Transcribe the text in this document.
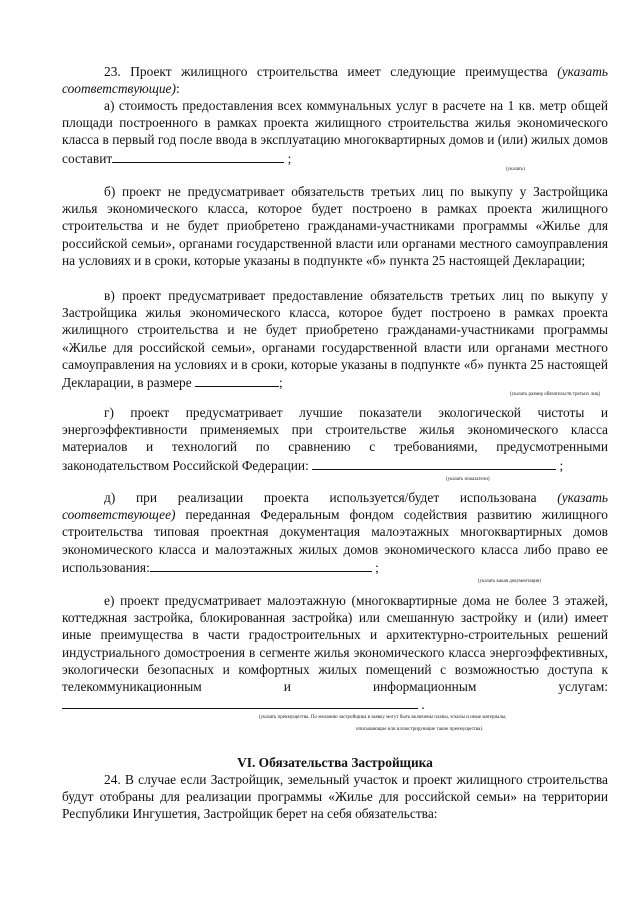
23. Проект жилищного строительства имеет следующие преимущества (указать соответствующие):

а) стоимость предоставления всех коммунальных услуг в расчете на 1 кв. метр общей площади построенного в рамках проекта жилищного строительства жилья экономического класса в первый год после ввода в эксплуатацию многоквартирных домов и (или) жилых домов составит	;

(указать)

б) проект не предусматривает обязательств третьих лиц по выкупу у Застройщика жилья экономического класса, которое будет построено в рамках проекта жилищного строительства и не будет приобретено гражданами-участниками программы «Жилье для российской семьи», органами государственной власти или органами местного самоуправления на условиях и в сроки, которые указаны в подпункте «б» пункта 25 настоящей Декларации;

в) проект предусматривает предоставление обязательств третьих лиц по выкупу у Застройщика жилья экономического класса, которое будет построено в рамках проекта жилищного строительства и не будет приобретено гражданами-участниками программы «Жилье для российской семьи», органами государственной власти или органами местного самоуправления на условиях и в сроки, которые указаны в подпункте «б» пункта 25 настоящей Декларации, в размере	;

(указать размер обязательств третьих лиц)

г) проект предусматривает лучшие показатели экологической чистоты и энергоэффективности применяемых при строительстве жилья экономического класса материалов и технологий по сравнению с требованиями, предусмотренными законодательством Российской Федерации:	;

(указать показатели)

д) при реализации проекта используется/будет использована (указать соответствующее) переданная Федеральным фондом содействия развитию жилищного строительства типовая проектная документация малоэтажных многоквартирных домов экономического класса и малоэтажных жилых домов экономического класса либо право ее использования:	;

(указать какая документация)

е) проект предусматривает малоэтажную (многоквартирные дома не более 3 этажей, коттеджная застройка, блокированная застройка) или смешанную застройку и (или) имеет иные преимущества в части градостроительных и архитектурно-строительных решений индустриального домостроения в сегменте жилья экономического класса энергоэффективных, экологически безопасных и комфортных жилых помещений с возможностью доступа к телекоммуникационным и информационным услугам: .

(указать преимущества. По желанию застройщика в заявку могут быть включены планы, эскизы и иные материалы,
описывающие или иллюстрирующие такие преимущества).
VI. Обязательства Застройщика

24. В случае если Застройщик, земельный участок и проект жилищного строительства будут отобраны для реализации программы «Жилье для российской семьи» на территории Республики Ингушетия, Застройщик берет на себя обязательства:
